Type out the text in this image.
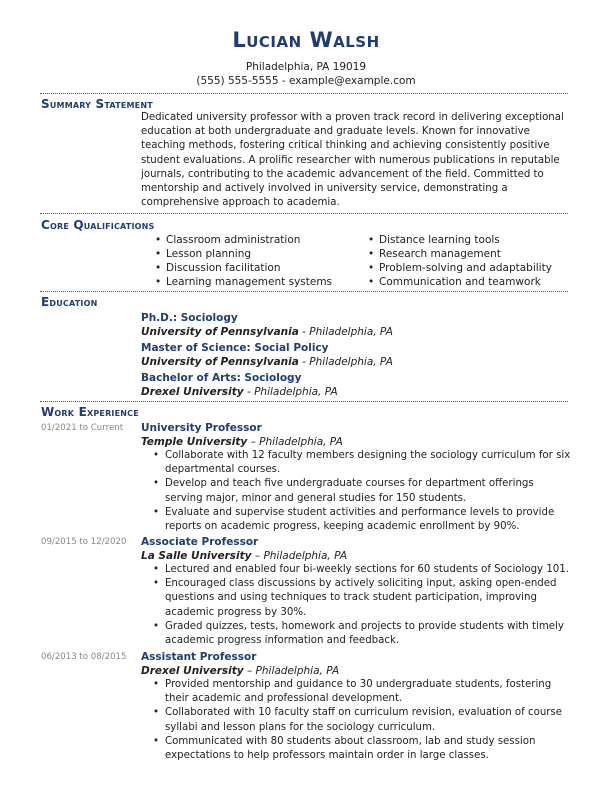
Lucian Walsh
Philadelphia, PA 19019
(555) 555-5555 - example@example.com
Summary Statement

Dedicated university professor with a proven track record in delivering exceptional education at both undergraduate and graduate levels. Known for innovative teaching methods, fostering critical thinking and achieving consistently positive student evaluations. A prolific researcher with numerous publications in reputable journals, contributing to the academic advancement of the field. Committed to mentorship and actively involved in university service, demonstrating a comprehensive approach to academia.

Core Qualifications
• Classroom administration
• Lesson planning
• Discussion facilitation
• Learning management systems
• Distance learning tools
• Research management
• Problem-solving and adaptability
• Communication and teamwork
Education
Ph.D.: Sociology
University of Pennsylvania - Philadelphia, PA
Master of Science: Social Policy
University of Pennsylvania - Philadelphia, PA
Bachelor of Arts: Sociology
Drexel University - Philadelphia, PA
Work Experience
01/2021 to Current University Professor
Temple University – Philadelphia, PA
• Collaborate with 12 faculty members designing the sociology curriculum for six departmental courses.
• Develop and teach five undergraduate courses for department offerings serving major, minor and general studies for 150 students.
• Evaluate and supervise student activities and performance levels to provide reports on academic progress, keeping academic enrollment by 90%.
09/2015 to 12/2020 Associate Professor
La Salle University – Philadelphia, PA
• Lectured and enabled four bi-weekly sections for 60 students of Sociology 101.
• Encouraged class discussions by actively soliciting input, asking open-ended questions and using techniques to track student participation, improving academic progress by 30%.
• Graded quizzes, tests, homework and projects to provide students with timely academic progress information and feedback.
06/2013 to 08/2015 Assistant Professor
Drexel University – Philadelphia, PA
• Provided mentorship and guidance to 30 undergraduate students, fostering their academic and professional development.
• Collaborated with 10 faculty staff on curriculum revision, evaluation of course syllabi and lesson plans for the sociology curriculum.
• Communicated with 80 students about classroom, lab and study session expectations to help professors maintain order in large classes.
